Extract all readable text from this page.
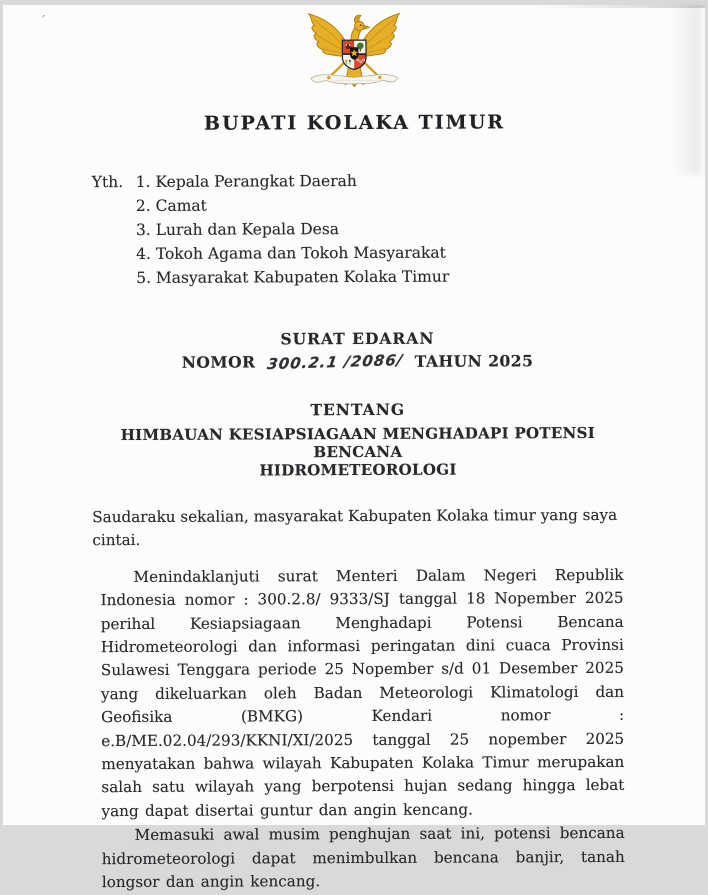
′
BUPATI KOLAKA TIMUR
Yth. 1. Kepala Perangkat Daerah
2. Camat
3. Lurah dan Kepala Desa
4. Tokoh Agama dan Tokoh Masyarakat
5. Masyarakat Kabupaten Kolaka Timur
SURAT EDARAN
NOMOR 300.2.1 /2086/ TAHUN 2025
TENTANG
HIMBAUAN KESIAPSIAGAAN MENGHADAPI POTENSI BENCANA
HIDROMETEOROLOGI

Saudaraku sekalian, masyarakat Kabupaten Kolaka timur yang saya cintai.

Menindaklanjuti surat Menteri Dalam Negeri Republik Indonesia nomor : 300.2.8/ 9333/SJ tanggal 18 Nopember 2025 perihal Kesiapsiagaan Menghadapi Potensi Bencana Hidrometeorologi dan informasi peringatan dini cuaca Provinsi Sulawesi Tenggara periode 25 Nopember s/d 01 Desember 2025 yang dikeluarkan oleh Badan Meteorologi Klimatologi dan Geofisika (BMKG) Kendari nomor : e.B/ME.02.04/293/KKNI/XI/2025 tanggal 25 nopember 2025 menyatakan bahwa wilayah Kabupaten Kolaka Timur merupakan salah satu wilayah yang berpotensi hujan sedang hingga lebat yang dapat disertai guntur dan angin kencang.

Memasuki awal musim penghujan saat ini, potensi bencana hidrometeorologi dapat menimbulkan bencana banjir, tanah longsor dan angin kencang.
